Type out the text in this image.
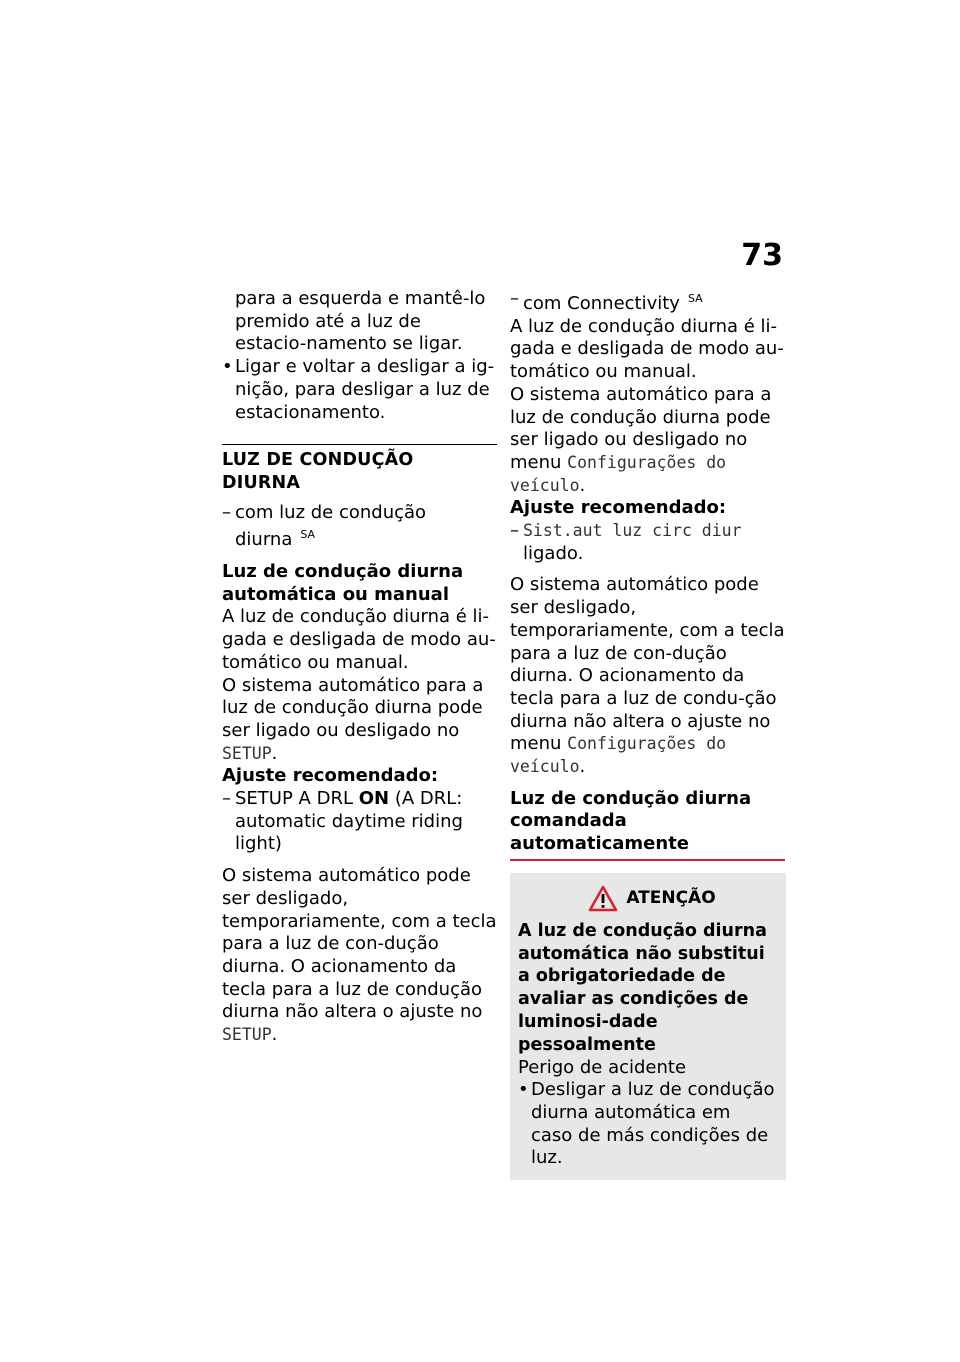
73

para a esquerda e mantê-lo premido até a luz de estacio-namento se ligar.

• Ligar e voltar a desligar a ig-nição, para desligar a luz de estacionamento.

LUZ DE CONDUÇÃO DIURNA

– com luz de condução diurna $^{SA}$

Luz de condução diurna automática ou manual

A luz de condução diurna é li-gada e desligada de modo au-tomático ou manual.

O sistema automático para a luz de condução diurna pode ser ligado ou desligado no SETUP.

Ajuste recomendado:

– SETUP A DRL ON (A DRL: automatic daytime riding light)

O sistema automático pode ser desligado, temporariamente, com a tecla para a luz de con-dução diurna. O acionamento da tecla para a luz de condução diurna não altera o ajuste no SETUP.

– com Connectivity $^{SA}$

A luz de condução diurna é li-gada e desligada de modo au-tomático ou manual.

O sistema automático para a luz de condução diurna pode ser ligado ou desligado no menu Configurações do veículo.

Ajuste recomendado:

– Sist.aut luz circ diur
ligado.

O sistema automático pode ser desligado, temporariamente, com a tecla para a luz de con-dução diurna. O acionamento da tecla para a luz de condu-ção diurna não altera o ajuste no menu Configurações do veículo.

Luz de condução diurna comandada automaticamente

ATENÇÃO

A luz de condução diurna automática não substitui a obrigatoriedade de avaliar as condições de luminosi-dade pessoalmente

Perigo de acidente

• Desligar a luz de condução diurna automática em caso de más condições de luz.
